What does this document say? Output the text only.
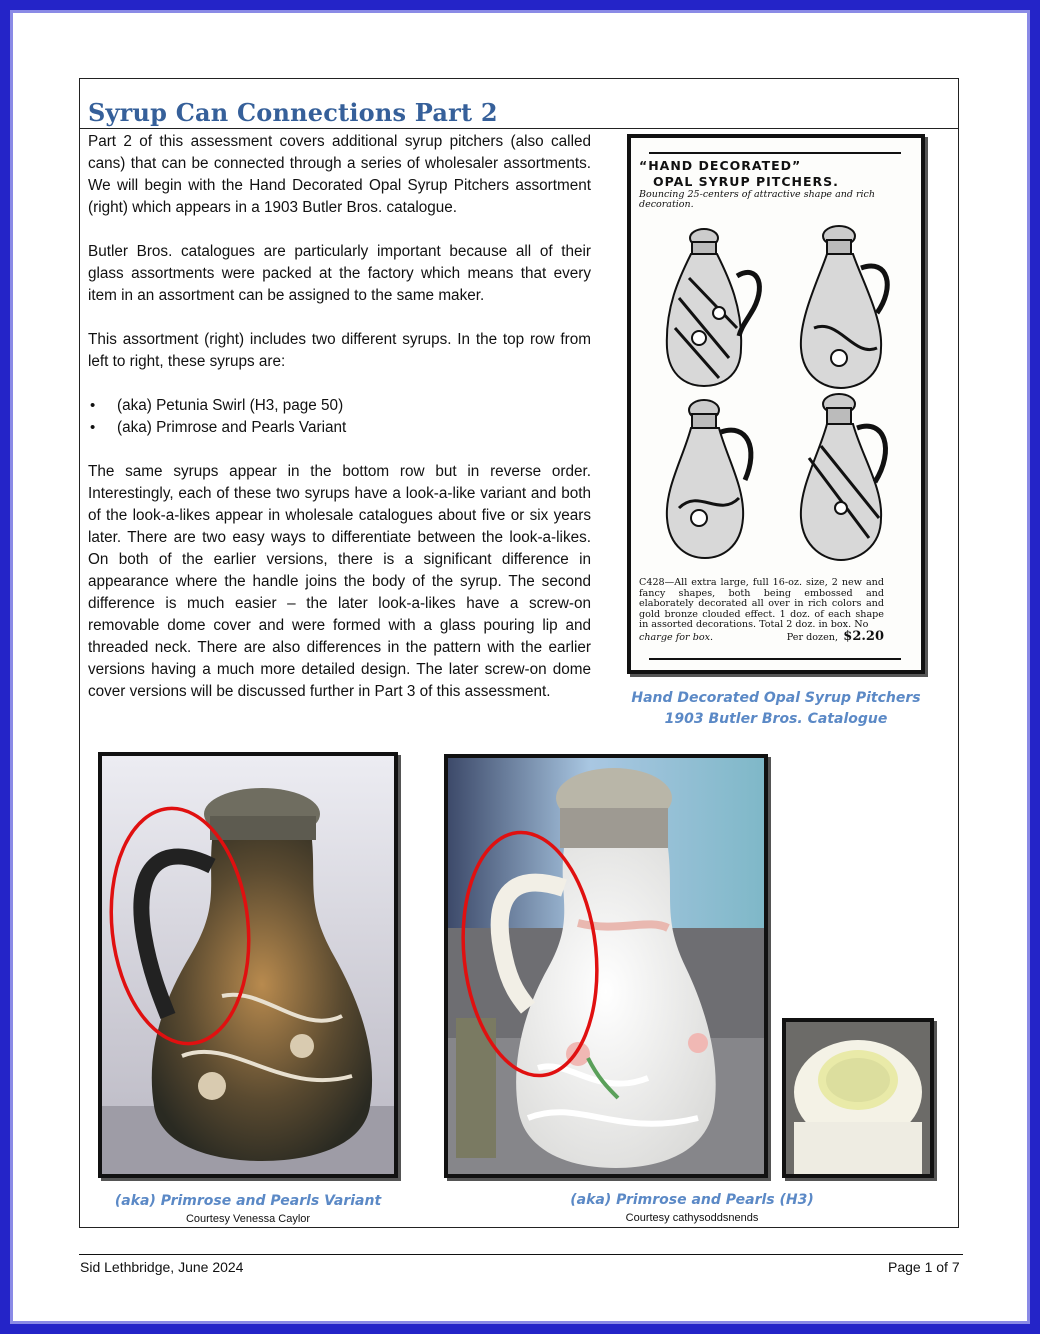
Syrup Can Connections Part 2

Part 2 of this assessment covers additional syrup pitchers (also called cans) that can be connected through a series of wholesaler assortments. We will begin with the Hand Decorated Opal Syrup Pitchers assortment (right) which appears in a 1903 Butler Bros. catalogue.

Butler Bros. catalogues are particularly important because all of their glass assortments were packed at the factory which means that every item in an assortment can be assigned to the same maker.

This assortment (right) includes two different syrups. In the top row from left to right, these syrups are:

• (aka) Petunia Swirl (H3, page 50)
• (aka) Primrose and Pearls Variant

The same syrups appear in the bottom row but in reverse order. Interestingly, each of these two syrups have a look-a-like variant and both of the look-a-likes appear in wholesale catalogues about five or six years later. There are two easy ways to differentiate between the look-a-likes. On both of the earlier versions, there is a significant difference in appearance where the handle joins the body of the syrup. The second difference is much easier – the later look-a-likes have a screw-on removable dome cover and were formed with a glass pouring lip and threaded neck. There are also differences in the pattern with the earlier versions having a much more detailed design. The later screw-on dome cover versions will be discussed further in Part 3 of this assessment.

“HAND DECORATED”
OPAL SYRUP PITCHERS.
Bouncing 25-centers of attractive shape and rich decoration.
C428—All extra large, full 16-oz. size, 2 new and fancy shapes, both being embossed and elaborately decorated all over in rich colors and gold bronze clouded effect. 1 doz. of each shape in assorted decorations. Total 2 doz. in box. No
charge for box.	Per dozen, $2.20
Hand Decorated Opal Syrup Pitchers
1903 Butler Bros. Catalogue
(aka) Primrose and Pearls Variant
Courtesy Venessa Caylor
(aka) Primrose and Pearls (H3)
Courtesy cathysoddsnends
Sid Lethbridge, June 2024	Page 1 of 7
